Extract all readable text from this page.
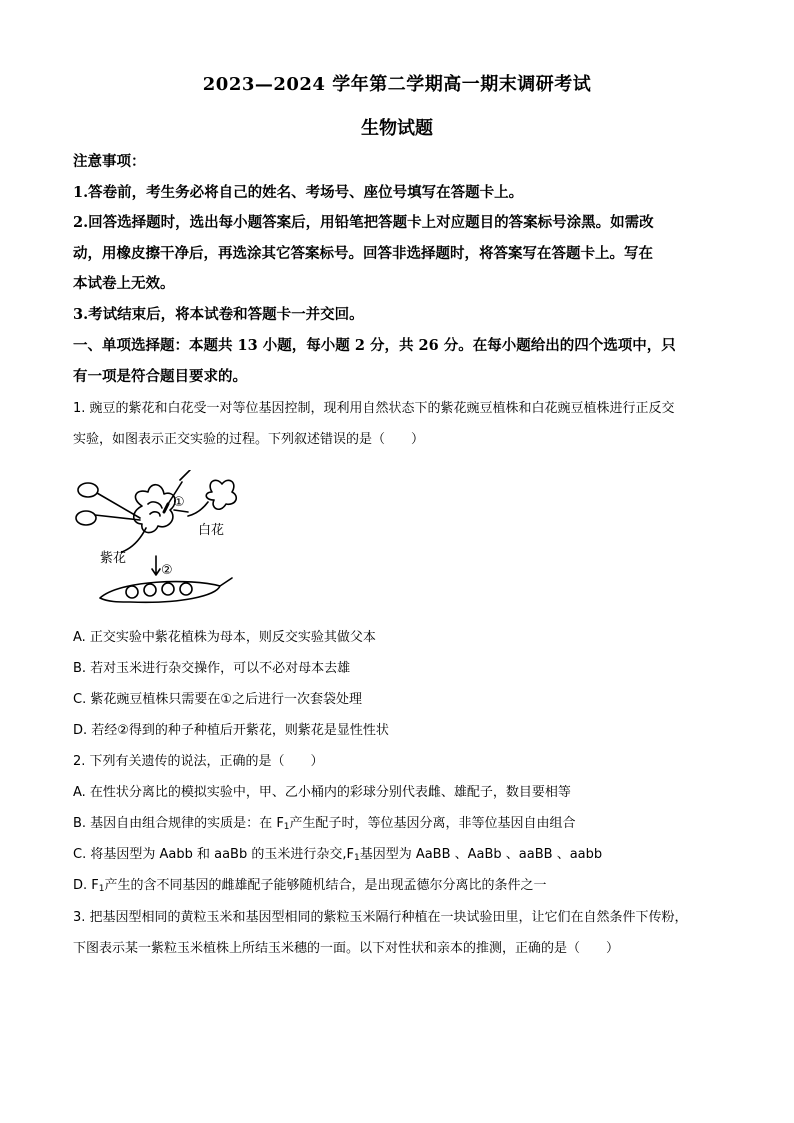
2023—2024 学年第二学期高一期末调研考试
生物试题
注意事项：
1.答卷前，考生务必将自己的姓名、考场号、座位号填写在答题卡上。
2.回答选择题时，选出每小题答案后，用铅笔把答题卡上对应题目的答案标号涂黑。如需改
动，用橡皮擦干净后，再选涂其它答案标号。回答非选择题时，将答案写在答题卡上。写在
本试卷上无效。
3.考试结束后，将本试卷和答题卡一并交回。
一、单项选择题：本题共 13 小题，每小题 2 分，共 26 分。在每小题给出的四个选项中，只
有一项是符合题目要求的。
1. 豌豆的紫花和白花受一对等位基因控制，现利用自然状态下的紫花豌豆植株和白花豌豆植株进行正反交
实验，如图表示正交实验的过程。下列叙述错误的是（　　）
①
白花
紫花
②
A. 正交实验中紫花植株为母本，则反交实验其做父本
B. 若对玉米进行杂交操作，可以不必对母本去雄
C. 紫花豌豆植株只需要在①之后进行一次套袋处理
D. 若经②得到的种子种植后开紫花，则紫花是显性性状
2. 下列有关遗传的说法，正确的是（　　）
A. 在性状分离比的模拟实验中，甲、乙小桶内的彩球分别代表雌、雄配子，数目要相等
B. 基因自由组合规律的实质是：在 $F_1$产生配子时，等位基因分离，非等位基因自由组合
C. 将基因型为 Aabb 和 aaBb 的玉米进行杂交$,F_1$基因型为 AaBB 、AaBb 、aaBB 、aabb
D. $F_1$产生的含不同基因的雌雄配子能够随机结合，是出现孟德尔分离比的条件之一
3. 把基因型相同的黄粒玉米和基因型相同的紫粒玉米隔行种植在一块试验田里，让它们在自然条件下传粉，
下图表示某一紫粒玉米植株上所结玉米穗的一面。以下对性状和亲本的推测，正确的是（　　）
